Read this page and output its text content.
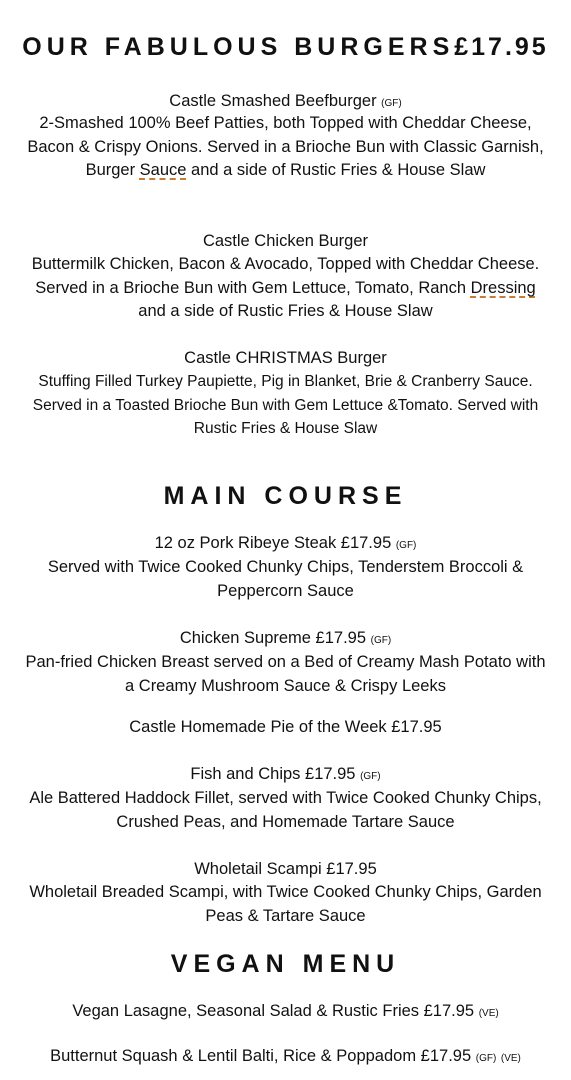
OUR FABULOUS BURGERS£17.95
Castle Smashed Beefburger (GF)
2-Smashed 100% Beef Patties, both Topped with Cheddar Cheese, Bacon & Crispy Onions. Served in a Brioche Bun with Classic Garnish, Burger Sauce and a side of Rustic Fries & House Slaw
Castle Chicken Burger
Buttermilk Chicken, Bacon & Avocado, Topped with Cheddar Cheese. Served in a Brioche Bun with Gem Lettuce, Tomato, Ranch Dressing and a side of Rustic Fries & House Slaw
Castle CHRISTMAS Burger
Stuffing Filled Turkey Paupiette, Pig in Blanket, Brie & Cranberry Sauce. Served in a Toasted Brioche Bun with Gem Lettuce &Tomato. Served with Rustic Fries & House Slaw
MAIN COURSE
12 oz Pork Ribeye Steak £17.95 (GF)
Served with Twice Cooked Chunky Chips, Tenderstem Broccoli & Peppercorn Sauce
Chicken Supreme £17.95 (GF)
Pan-fried Chicken Breast served on a Bed of Creamy Mash Potato with a Creamy Mushroom Sauce & Crispy Leeks
Castle Homemade Pie of the Week £17.95
Fish and Chips £17.95 (GF)
Ale Battered Haddock Fillet, served with Twice Cooked Chunky Chips, Crushed Peas, and Homemade Tartare Sauce
Wholetail Scampi £17.95
Wholetail Breaded Scampi, with Twice Cooked Chunky Chips, Garden Peas & Tartare Sauce
VEGAN MENU
Vegan Lasagne, Seasonal Salad & Rustic Fries £17.95 (VE)
Butternut Squash & Lentil Balti, Rice & Poppadom £17.95 (GF) (VE)
